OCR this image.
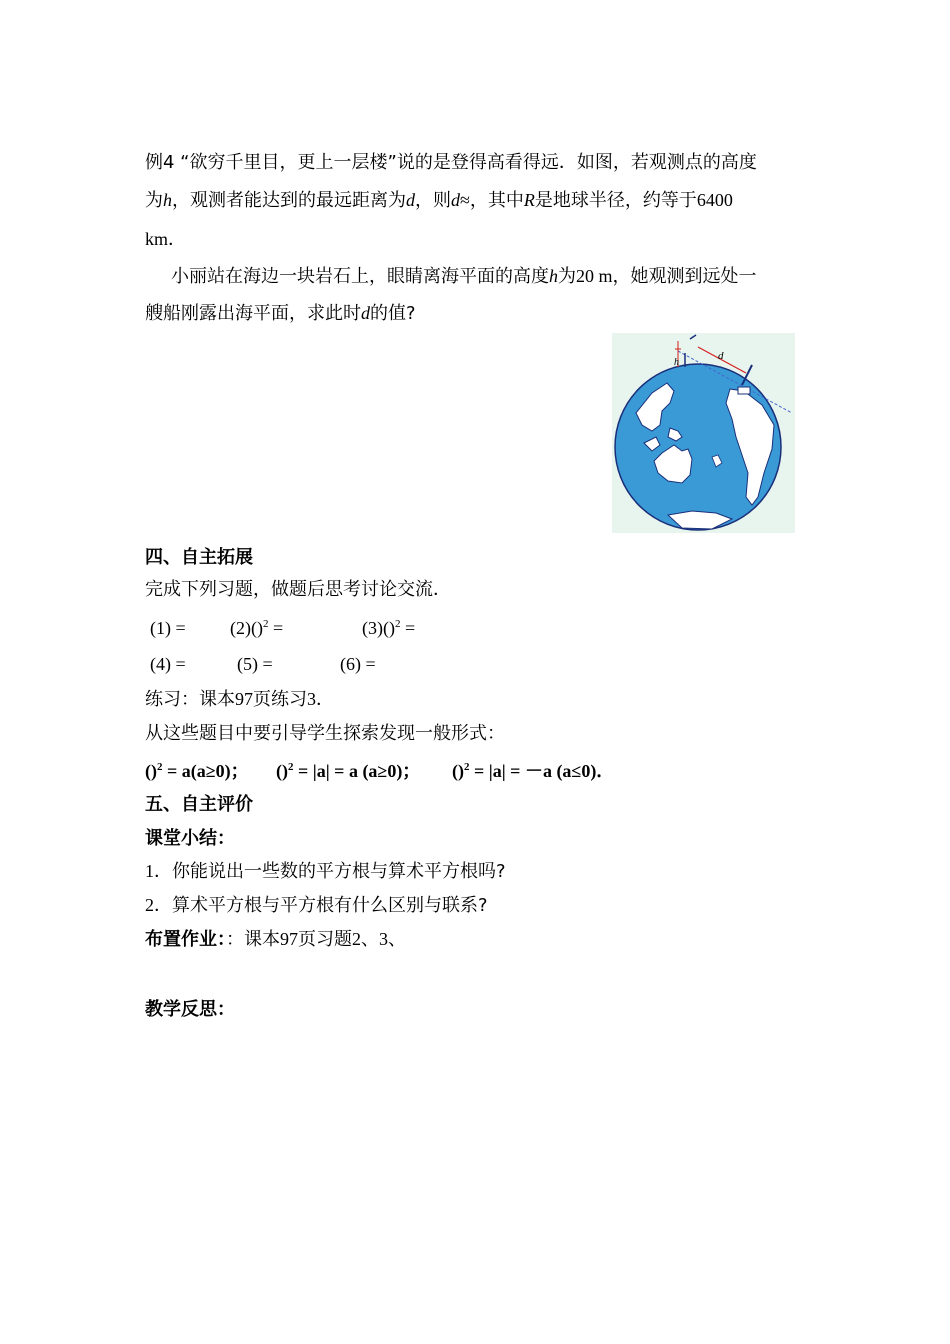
例4 “欲穷千里目，更上一层楼”说的是登得高看得远．如图，若观测点的高度
为h，观测者能达到的最远距离为d，则d≈，其中R是地球半径，约等于6400
km．
小丽站在海边一块岩石上，眼睛离海平面的高度h为20 m，她观测到远处一
艘船刚露出海平面，求此时d的值?
h
d
四、自主拓展
完成下列习题，做题后思考讨论交流．
(1) = (2)()$^2$ =	(3)()$^2$ =
(4) =	(5) =	(6) =
练习：课本97页练习3．
从这些题目中要引导学生探索发现一般形式：
()$^2$ = a(a≥0)； ()$^2$ = |a| = a (a≥0)； ()$^2$ = |a| = －a (a≤0)．
五、自主评价
课堂小结：
1．你能说出一些数的平方根与算术平方根吗?
2．算术平方根与平方根有什么区别与联系?
布置作业：：课本97页习题2、3、
教学反思：
